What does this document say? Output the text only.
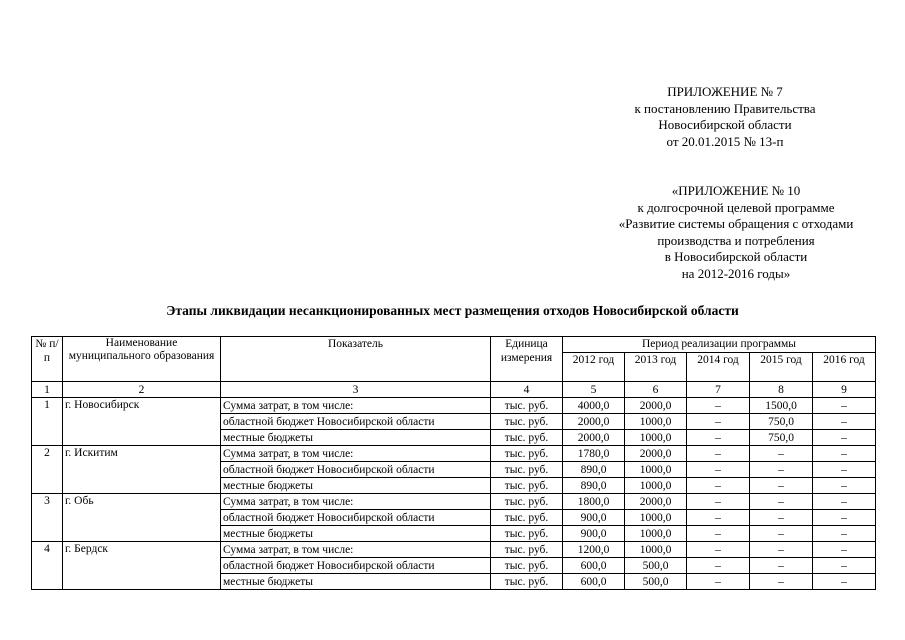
ПРИЛОЖЕНИЕ № 7
к постановлению Правительства
Новосибирской области
от 20.01.2015 № 13-п
«ПРИЛОЖЕНИЕ № 10
к долгосрочной целевой программе
«Развитие системы обращения с отходами
производства и потребления
в Новосибирской области
на 2012-2016 годы»
Этапы ликвидации несанкционированных мест размещения отходов Новосибирской области
№ п/п	Наименование муниципального образования	Показатель	Единица измерения	Период реализации программы				
				2012 год	2013 год	2014 год	2015 год	2016 год
1	2	3	4	5	6	7	8	9
1	г. Новосибирск	Сумма затрат, в том числе:	тыс. руб.	4000,0	2000,0	–	1500,0	–
		областной бюджет Новосибирской области	тыс. руб.	2000,0	1000,0	–	750,0	–
		местные бюджеты	тыс. руб.	2000,0	1000,0	–	750,0	–
2	г. Искитим	Сумма затрат, в том числе:	тыс. руб.	1780,0	2000,0	–	–	–
		областной бюджет Новосибирской области	тыс. руб.	890,0	1000,0	–	–	–
		местные бюджеты	тыс. руб.	890,0	1000,0	–	–	–
3	г. Обь	Сумма затрат, в том числе:	тыс. руб.	1800,0	2000,0	–	–	–
		областной бюджет Новосибирской области	тыс. руб.	900,0	1000,0	–	–	–
		местные бюджеты	тыс. руб.	900,0	1000,0	–	–	–
4	г. Бердск	Сумма затрат, в том числе:	тыс. руб.	1200,0	1000,0	–	–	–
		областной бюджет Новосибирской области	тыс. руб.	600,0	500,0	–	–	–
		местные бюджеты	тыс. руб.	600,0	500,0	–	–	–
